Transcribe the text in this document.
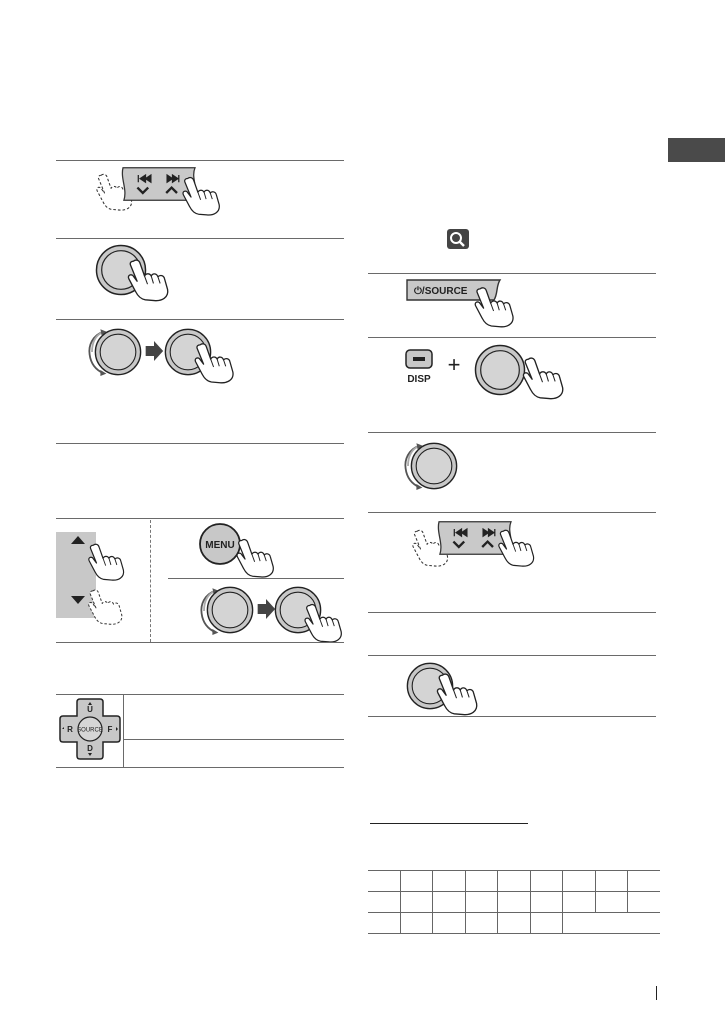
MENU
SOURCE
U
D
R	F
⏻/SOURCE
DISP
+
